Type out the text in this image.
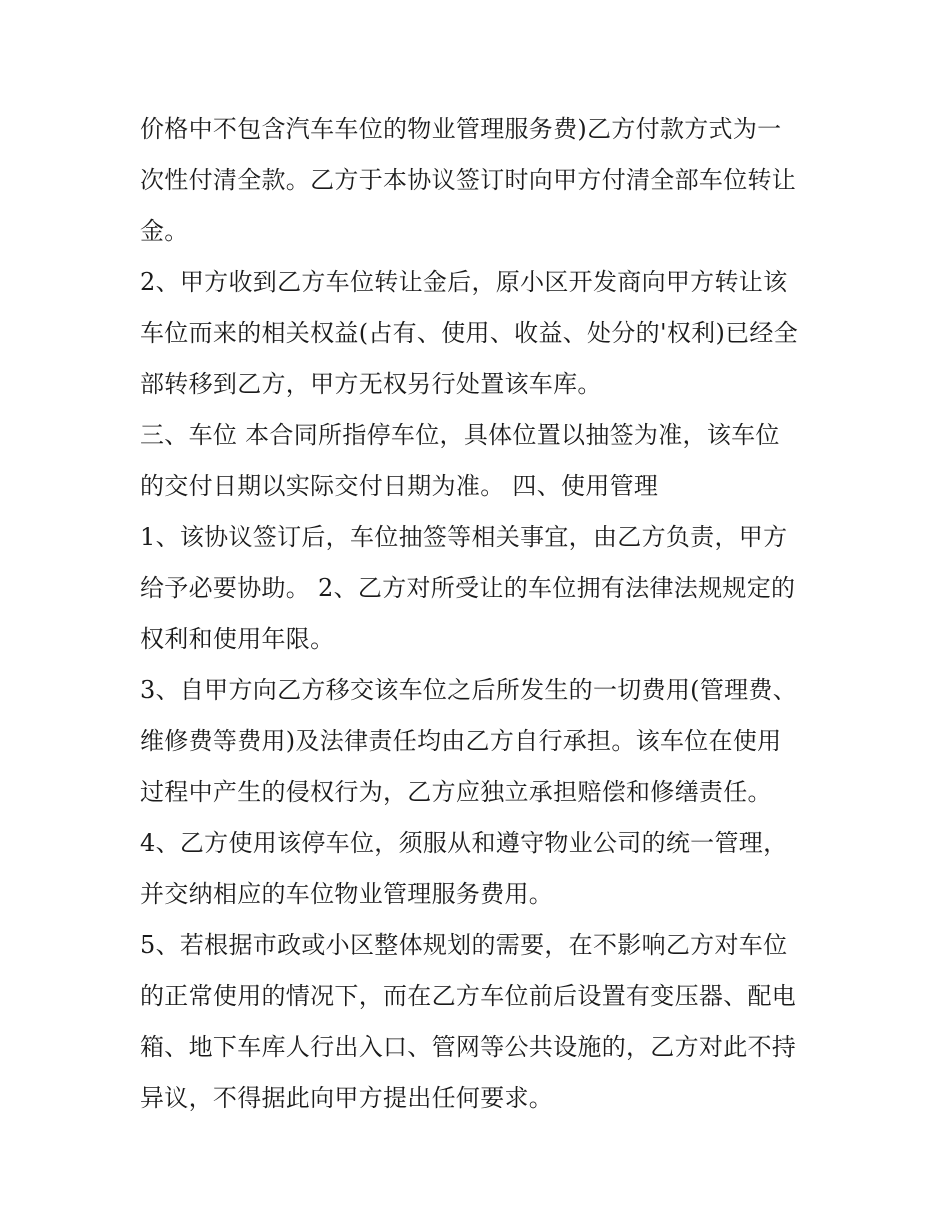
价格中不包含汽车车位的物业管理服务费)乙方付款方式为一
次性付清全款。乙方于本协议签订时向甲方付清全部车位转让
金。
2、甲方收到乙方车位转让金后，原小区开发商向甲方转让该
车位而来的相关权益(占有、使用、收益、处分的'权利)已经全
部转移到乙方，甲方无权另行处置该车库。
三、车位 本合同所指停车位，具体位置以抽签为准，该车位
的交付日期以实际交付日期为准。 四、使用管理
1、该协议签订后，车位抽签等相关事宜，由乙方负责，甲方
给予必要协助。 2、乙方对所受让的车位拥有法律法规规定的
权利和使用年限。
3、自甲方向乙方移交该车位之后所发生的一切费用(管理费、
维修费等费用)及法律责任均由乙方自行承担。该车位在使用
过程中产生的侵权行为，乙方应独立承担赔偿和修缮责任。
4、乙方使用该停车位，须服从和遵守物业公司的统一管理，
并交纳相应的车位物业管理服务费用。
5、若根据市政或小区整体规划的需要，在不影响乙方对车位
的正常使用的情况下，而在乙方车位前后设置有变压器、配电
箱、地下车库人行出入口、管网等公共设施的，乙方对此不持
异议，不得据此向甲方提出任何要求。
